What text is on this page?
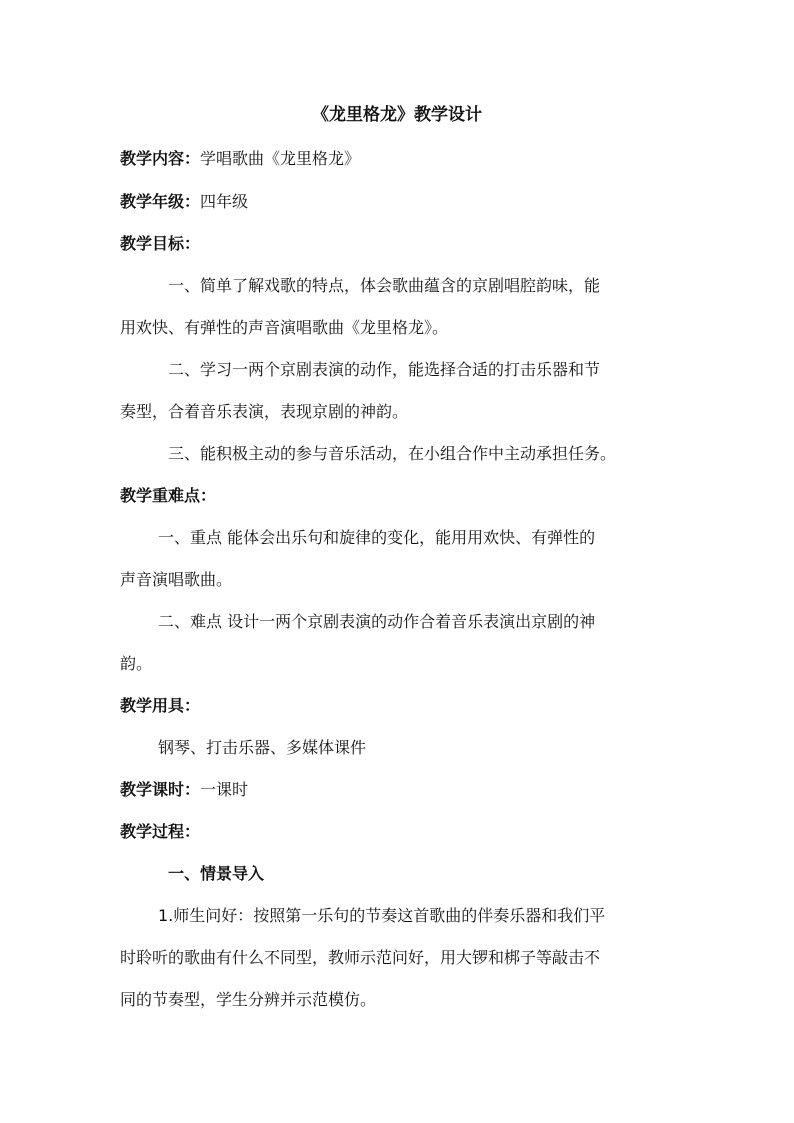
《龙里格龙》教学设计
教学内容：学唱歌曲《龙里格龙》
教学年级：四年级
教学目标：
一、简单了解戏歌的特点，体会歌曲蕴含的京剧唱腔韵味，能
用欢快、有弹性的声音演唱歌曲《龙里格龙》。
二、学习一两个京剧表演的动作，能选择合适的打击乐器和节
奏型，合着音乐表演，表现京剧的神韵。
三、能积极主动的参与音乐活动，在小组合作中主动承担任务。
教学重难点：
一、重点 能体会出乐句和旋律的变化，能用用欢快、有弹性的
声音演唱歌曲。
二、难点 设计一两个京剧表演的动作合着音乐表演出京剧的神
韵。
教学用具：
钢琴、打击乐器、多媒体课件
教学课时：一课时
教学过程：
一、情景导入
1.师生问好：按照第一乐句的节奏这首歌曲的伴奏乐器和我们平
时聆听的歌曲有什么不同型，教师示范问好，用大锣和梆子等敲击不
同的节奏型，学生分辨并示范模仿。
